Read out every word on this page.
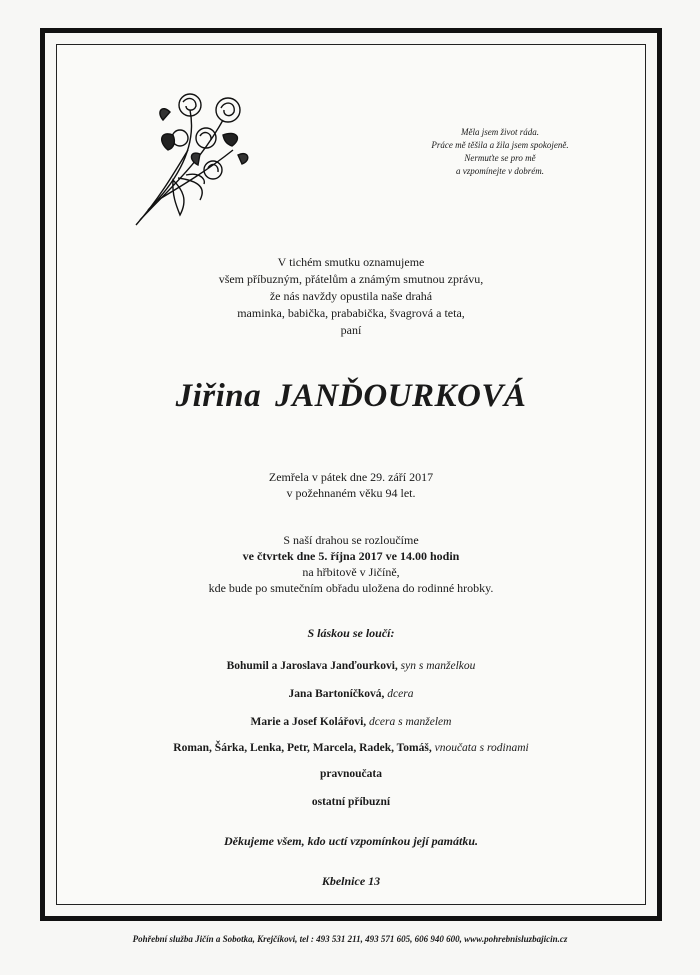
Měla jsem život ráda.
Práce mě těšila a žila jsem spokojeně.
Nermuťte se pro mě
a vzpomínejte v dobrém.
V tichém smutku oznamujeme
všem příbuzným, přátelům a známým smutnou zprávu,
že nás navždy opustila naše drahá
maminka, babička, prababička, švagrová a teta,
paní
Jiřina JANĎOURKOVÁ
Zemřela v pátek dne 29. září 2017
v požehnaném věku 94 let.
S naší drahou se rozloučíme
ve čtvrtek dne 5. října 2017 ve 14.00 hodin
na hřbitově v Jičíně,
kde bude po smutečním obřadu uložena do rodinné hrobky.
S láskou se loučí:
Bohumil a Jaroslava Janďourkovi, syn s manželkou
Jana Bartoníčková, dcera
Marie a Josef Kolářovi, dcera s manželem
Roman, Šárka, Lenka, Petr, Marcela, Radek, Tomáš, vnoučata s rodinami
pravnoučata
ostatní příbuzní
Děkujeme všem, kdo uctí vzpomínkou její památku.
Kbelnice 13
Pohřební služba Jičín a Sobotka, Krejčíkovi, tel : 493 531 211, 493 571 605, 606 940 600, www.pohrebnisluzbajicin.cz
